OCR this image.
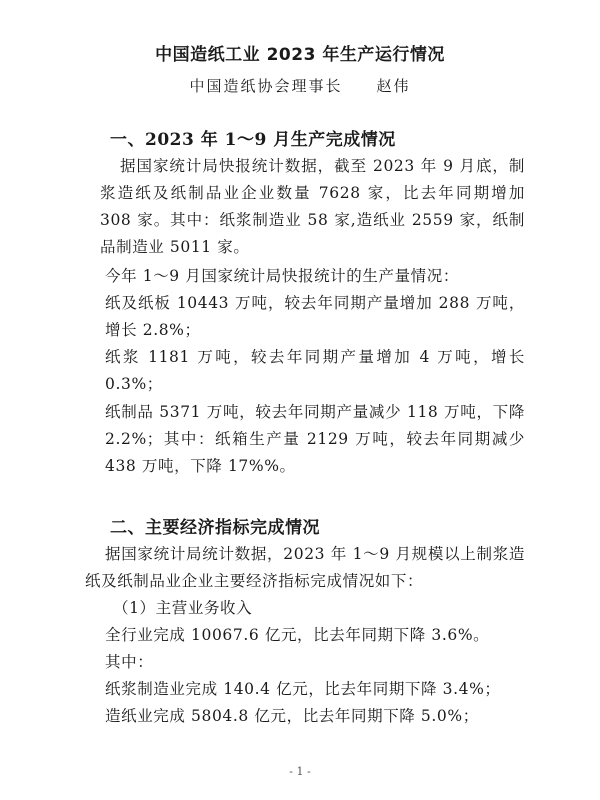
中国造纸工业 2023 年生产运行情况
中国造纸协会理事长 赵伟
一、2023 年 1～9 月生产完成情况

据国家统计局快报统计数据，截至 2023 年 9 月底，制浆造纸及纸制品业企业数量 7628 家，比去年同期增加 308 家。其中：纸浆制造业 58 家,造纸业 2559 家，纸制品制造业 5011 家。

今年 1～9 月国家统计局快报统计的生产量情况：

纸及纸板 10443 万吨，较去年同期产量增加 288 万吨，增长 2.8%；

纸浆 1181 万吨，较去年同期产量增加 4 万吨，增长 0.3%；

纸制品 5371 万吨，较去年同期产量减少 118 万吨，下降 2.2%；其中：纸箱生产量 2129 万吨，较去年同期减少 438 万吨，下降 17%%。

二、主要经济指标完成情况

据国家统计局统计数据，2023 年 1～9 月规模以上制浆造纸及纸制品业企业主要经济指标完成情况如下：

（1）主营业务收入

全行业完成 10067.6 亿元，比去年同期下降 3.6%。

其中：

纸浆制造业完成 140.4 亿元，比去年同期下降 3.4%；

造纸业完成 5804.8 亿元，比去年同期下降 5.0%；

- 1 -
